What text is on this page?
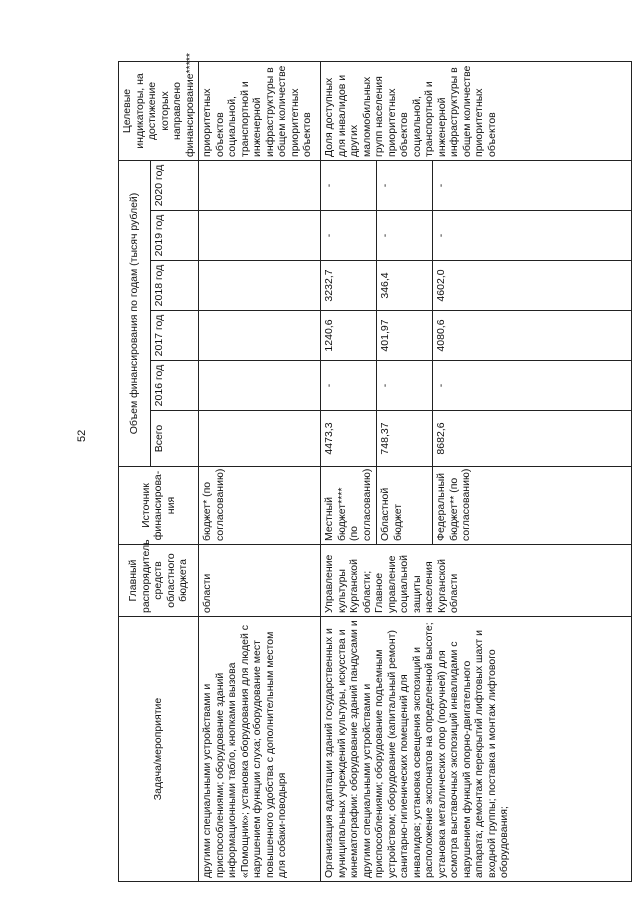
52
Задача/мероприятие	Главный распорядитель средств областного бюджета	Источник финансирова-ния	Объем финансирования по годам (тысяч рублей)						Целевые индикаторы, на достижение которых направлено финансирование*****
			Всего	2016 год	2017 год	2018 год	2019 год	2020 год	
другими специальными устройствами и приспособлениями; оборудование зданий информационными табло, кнопками вызова «Помощник»; установка оборудования для людей с нарушением функции слуха; оборудование мест повышенного удобства с дополнительным местом для собаки-поводыря	области	бюджет* (по согласованию)							приоритетных объектов социальной, транспортной и инженерной инфраструктуры в общем количестве приоритетных объектов
Организация адаптации зданий государственных и муниципальных учреждений культуры, искусства и кинематографии: оборудование зданий пандусами и другими специальными устройствами и приспособлениями; оборудование подъемным устройством; оборудование (капитальный ремонт) санитарно-гигиенических помещений для инвалидов; установка освещения экспозиций и расположение экспонатов на определенной высоте; установка металлических опор (поручней) для осмотра выставочных экспозиций инвалидами с нарушением функций опорно-двигательного аппарата; демонтаж перекрытий лифтовых шахт и входной группы; поставка и монтаж лифтового оборудования;	Управление культуры Курганской области; Главное управление социальной защиты населения Курганской области	Местный бюджет**** (по согласованию)	4473,3	-	1240,6	3232,7	-	-	Доля доступных для инвалидов и других маломобильных групп населения приоритетных объектов социальной, транспортной и инженерной инфраструктуры в общем количестве приоритетных объектов
		Областной бюджет	748,37	-	401,97	346,4	-	-	
		Федеральный бюджет** (по согласованию)	8682,6	-	4080,6	4602,0	-	-	
